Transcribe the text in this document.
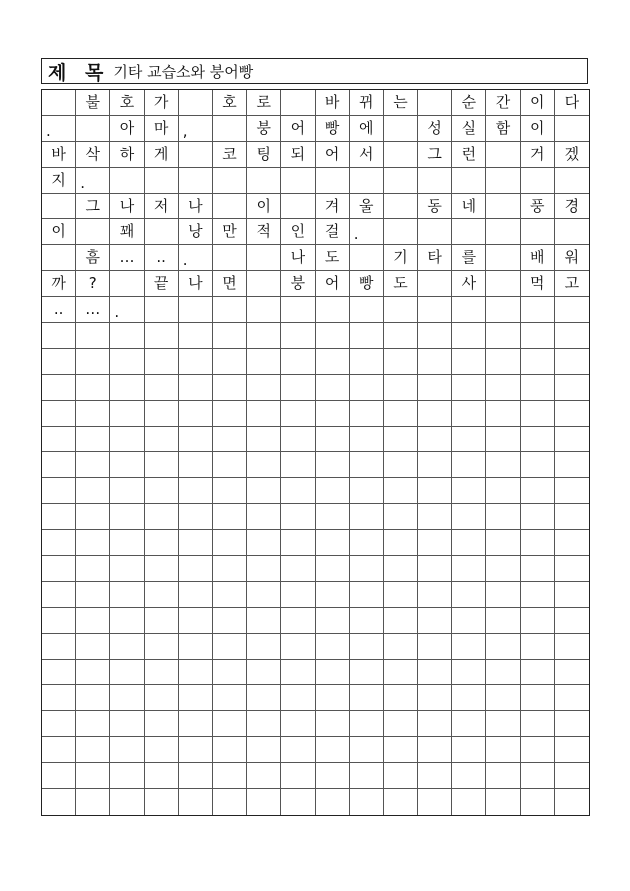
제 목 기타 교습소와 붕어빵
불	호	가	호	로	바	뀌	는	순	간	이	다
.	아	마 ,	붕	어	빵	에	성	실	함	이
바	삭	하	게	코	팅	되	어	서	그	런	거	겠
지 .
그	나	저	나	이	겨	울	동	네	풍	경
이	꽤	낭	만	적	인	걸 .
흠	…	..	.	나	도	기	타	를	배	워
까	?	끝	나	면	붕	어	빵	도	사	먹	고
..	… .
